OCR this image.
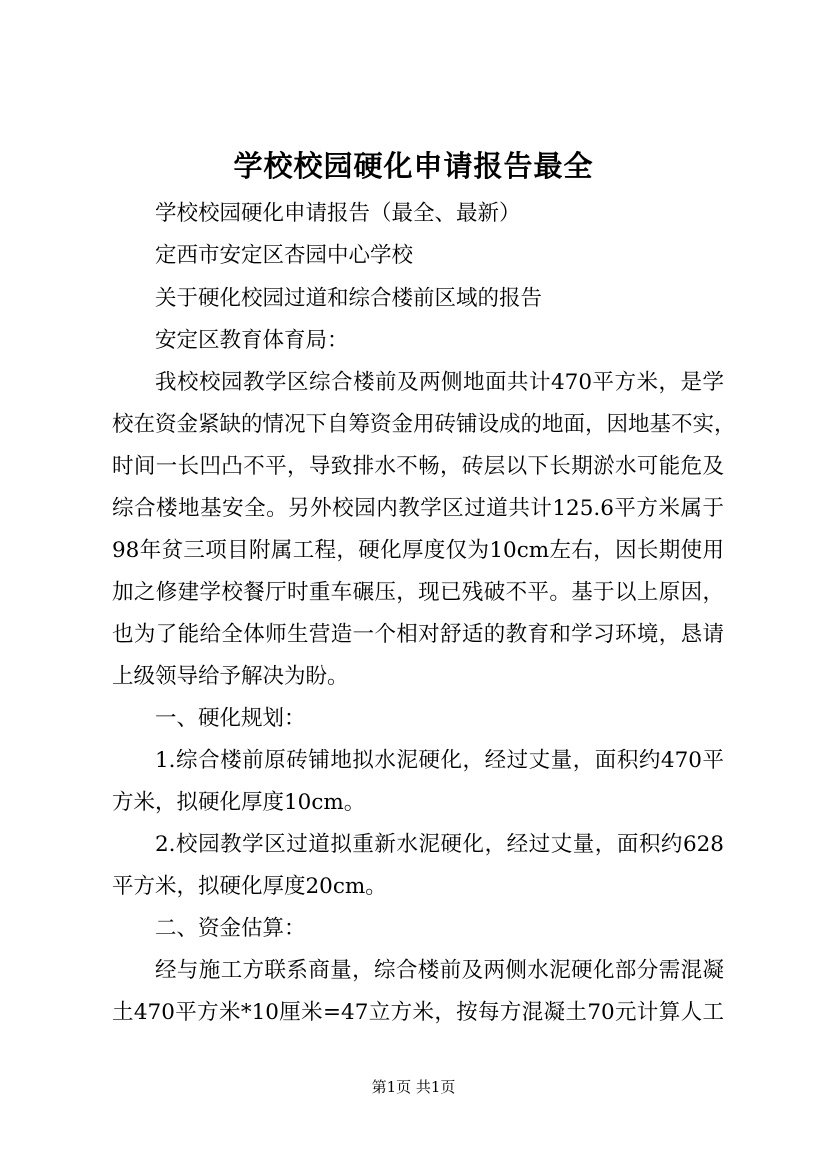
学校校园硬化申请报告最全
学校校园硬化申请报告（最全、最新）
定西市安定区杏园中心学校
关于硬化校园过道和综合楼前区域的报告
安定区教育体育局：
我校校园教学区综合楼前及两侧地面共计470平方米，是学
校在资金紧缺的情况下自筹资金用砖铺设成的地面，因地基不实，
时间一长凹凸不平，导致排水不畅，砖层以下长期淤水可能危及
综合楼地基安全。另外校园内教学区过道共计125.6平方米属于
98年贫三项目附属工程，硬化厚度仅为10cm左右，因长期使用
加之修建学校餐厅时重车碾压，现已残破不平。基于以上原因，
也为了能给全体师生营造一个相对舒适的教育和学习环境，恳请
上级领导给予解决为盼。
一、硬化规划：
1.综合楼前原砖铺地拟水泥硬化，经过丈量，面积约470平
方米，拟硬化厚度10cm。
2.校园教学区过道拟重新水泥硬化，经过丈量，面积约628
平方米，拟硬化厚度20cm。
二、资金估算：
经与施工方联系商量，综合楼前及两侧水泥硬化部分需混凝
土470平方米*10厘米=47立方米，按每方混凝土70元计算人工
第1页 共1页
